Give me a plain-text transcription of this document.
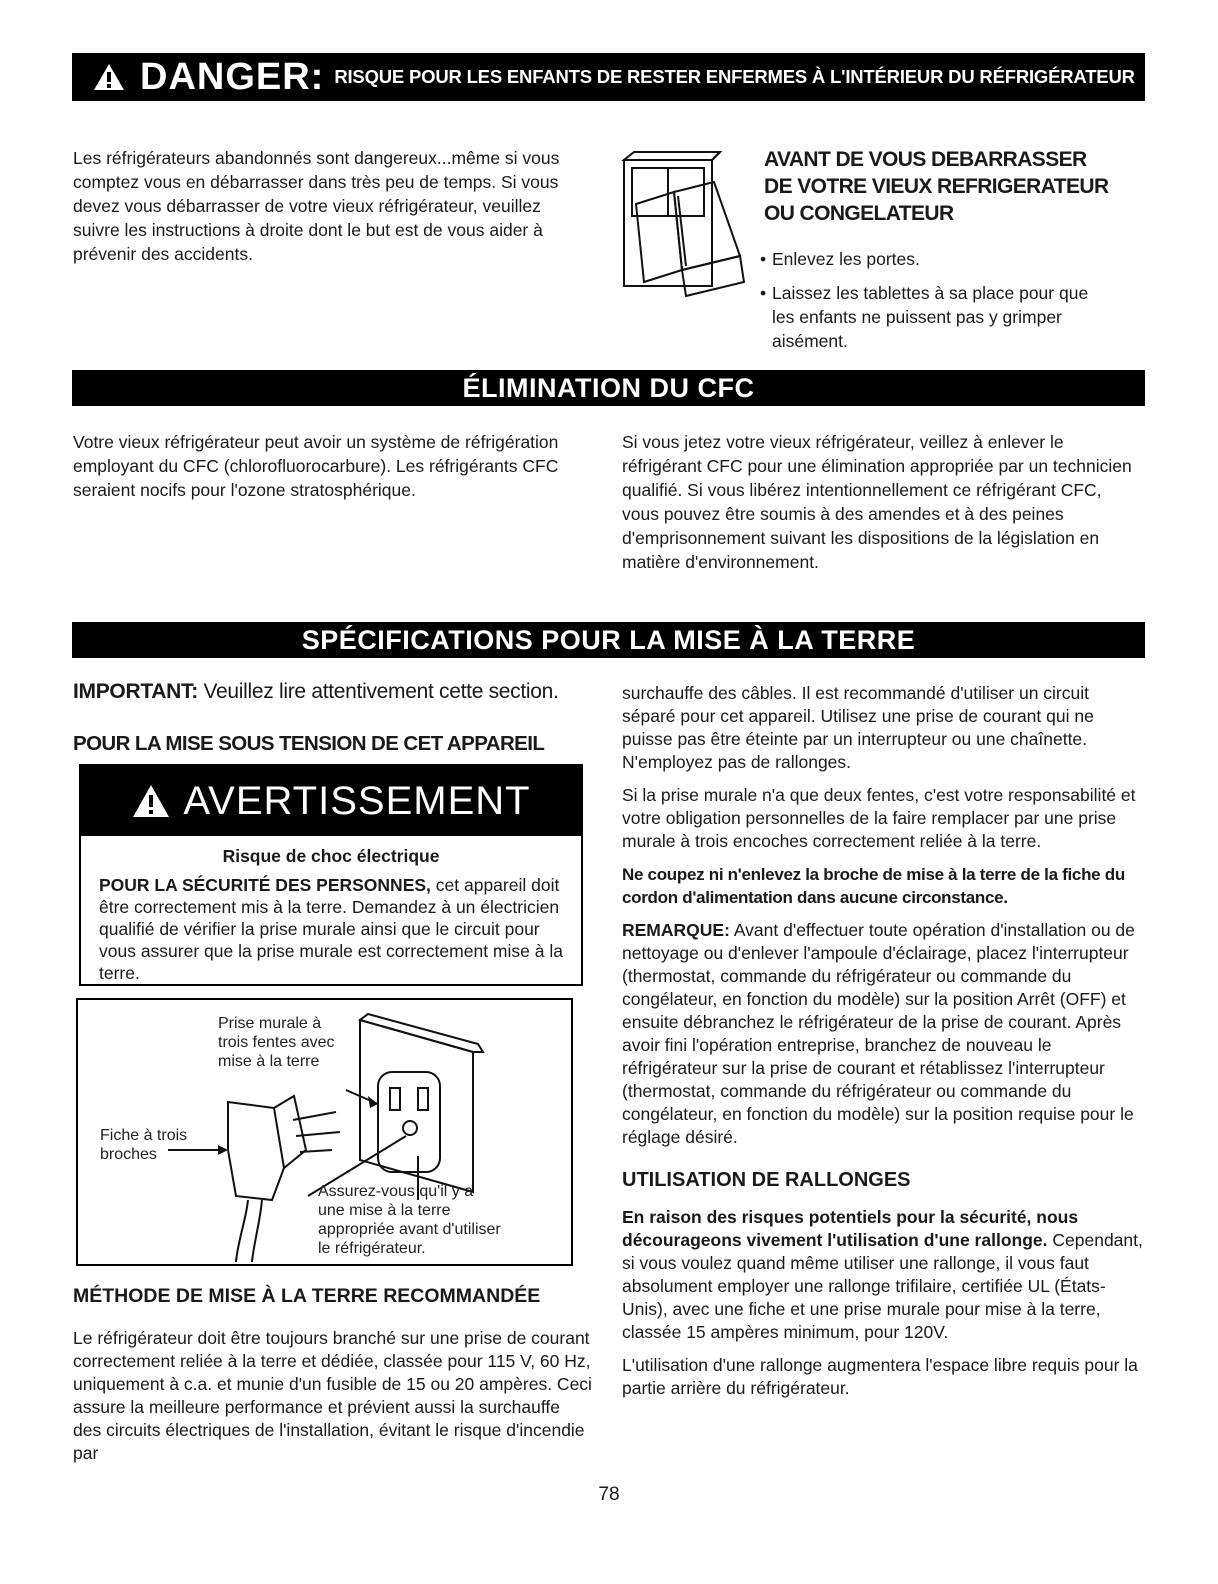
DANGER: RISQUE POUR LES ENFANTS DE RESTER ENFERMES À L'INTÉRIEUR DU RÉFRIGÉRATEUR

Les réfrigérateurs abandonnés sont dangereux...même si vous comptez vous en débarrasser dans très peu de temps. Si vous devez vous débarrasser de votre vieux réfrigérateur, veuillez suivre les instructions à droite dont le but est de vous aider à prévenir des accidents.

AVANT DE VOUS DEBARRASSER
DE VOTRE VIEUX REFRIGERATEUR
OU CONGELATEUR
• Enlevez les portes.
• Laissez les tablettes à sa place pour que les enfants ne puissent pas y grimper aisément.
ÉLIMINATION DU CFC

Votre vieux réfrigérateur peut avoir un système de réfrigération employant du CFC (chlorofluorocarbure). Les réfrigérants CFC seraient nocifs pour l'ozone stratosphérique.

Si vous jetez votre vieux réfrigérateur, veillez à enlever le réfrigérant CFC pour une élimination appropriée par un technicien qualifié. Si vous libérez intentionnellement ce réfrigérant CFC, vous pouvez être soumis à des amendes et à des peines d'emprisonnement suivant les dispositions de la législation en matière d'environnement.

SPÉCIFICATIONS POUR LA MISE À LA TERRE
IMPORTANT: Veuillez lire attentivement cette section.
POUR LA MISE SOUS TENSION DE CET APPAREIL
AVERTISSEMENT
Risque de choc électrique

POUR LA SÉCURITÉ DES PERSONNES, cet appareil doit être correctement mis à la terre. Demandez à un électricien qualifié de vérifier la prise murale ainsi que le circuit pour vous assurer que la prise murale est correctement mise à la terre.

Prise murale à
trois fentes avec
mise à la terre
Fiche à trois
broches
Assurez-vous qu'il y a
une mise à la terre
appropriée avant d'utiliser
le réfrigérateur.
MÉTHODE DE MISE À LA TERRE RECOMMANDÉE

Le réfrigérateur doit être toujours branché sur une prise de courant correctement reliée à la terre et dédiée, classée pour 115 V, 60 Hz, uniquement à c.a. et munie d'un fusible de 15 ou 20 ampères. Ceci assure la meilleure performance et prévient aussi la surchauffe des circuits électriques de l'installation, évitant le risque d'incendie par

surchauffe des câbles. Il est recommandé d'utiliser un circuit séparé pour cet appareil. Utilisez une prise de courant qui ne puisse pas être éteinte par un interrupteur ou une chaînette. N'employez pas de rallonges.

Si la prise murale n'a que deux fentes, c'est votre responsabilité et votre obligation personnelles de la faire remplacer par une prise murale à trois encoches correctement reliée à la terre.

Ne coupez ni n'enlevez la broche de mise à la terre de la fiche du cordon d'alimentation dans aucune circonstance.

REMARQUE: Avant d'effectuer toute opération d'installation ou de nettoyage ou d'enlever l'ampoule d'éclairage, placez l'interrupteur (thermostat, commande du réfrigérateur ou commande du congélateur, en fonction du modèle) sur la position Arrêt (OFF) et ensuite débranchez le réfrigérateur de la prise de courant. Après avoir fini l'opération entreprise, branchez de nouveau le réfrigérateur sur la prise de courant et rétablissez l'interrupteur (thermostat, commande du réfrigérateur ou commande du congélateur, en fonction du modèle) sur la position requise pour le réglage désiré.

UTILISATION DE RALLONGES

En raison des risques potentiels pour la sécurité, nous décourageons vivement l'utilisation d'une rallonge. Cependant, si vous voulez quand même utiliser une rallonge, il vous faut absolument employer une rallonge trifilaire, certifiée UL (États-Unis), avec une fiche et une prise murale pour mise à la terre, classée 15 ampères minimum, pour 120V.

L'utilisation d'une rallonge augmentera l'espace libre requis pour la partie arrière du réfrigérateur.

78
